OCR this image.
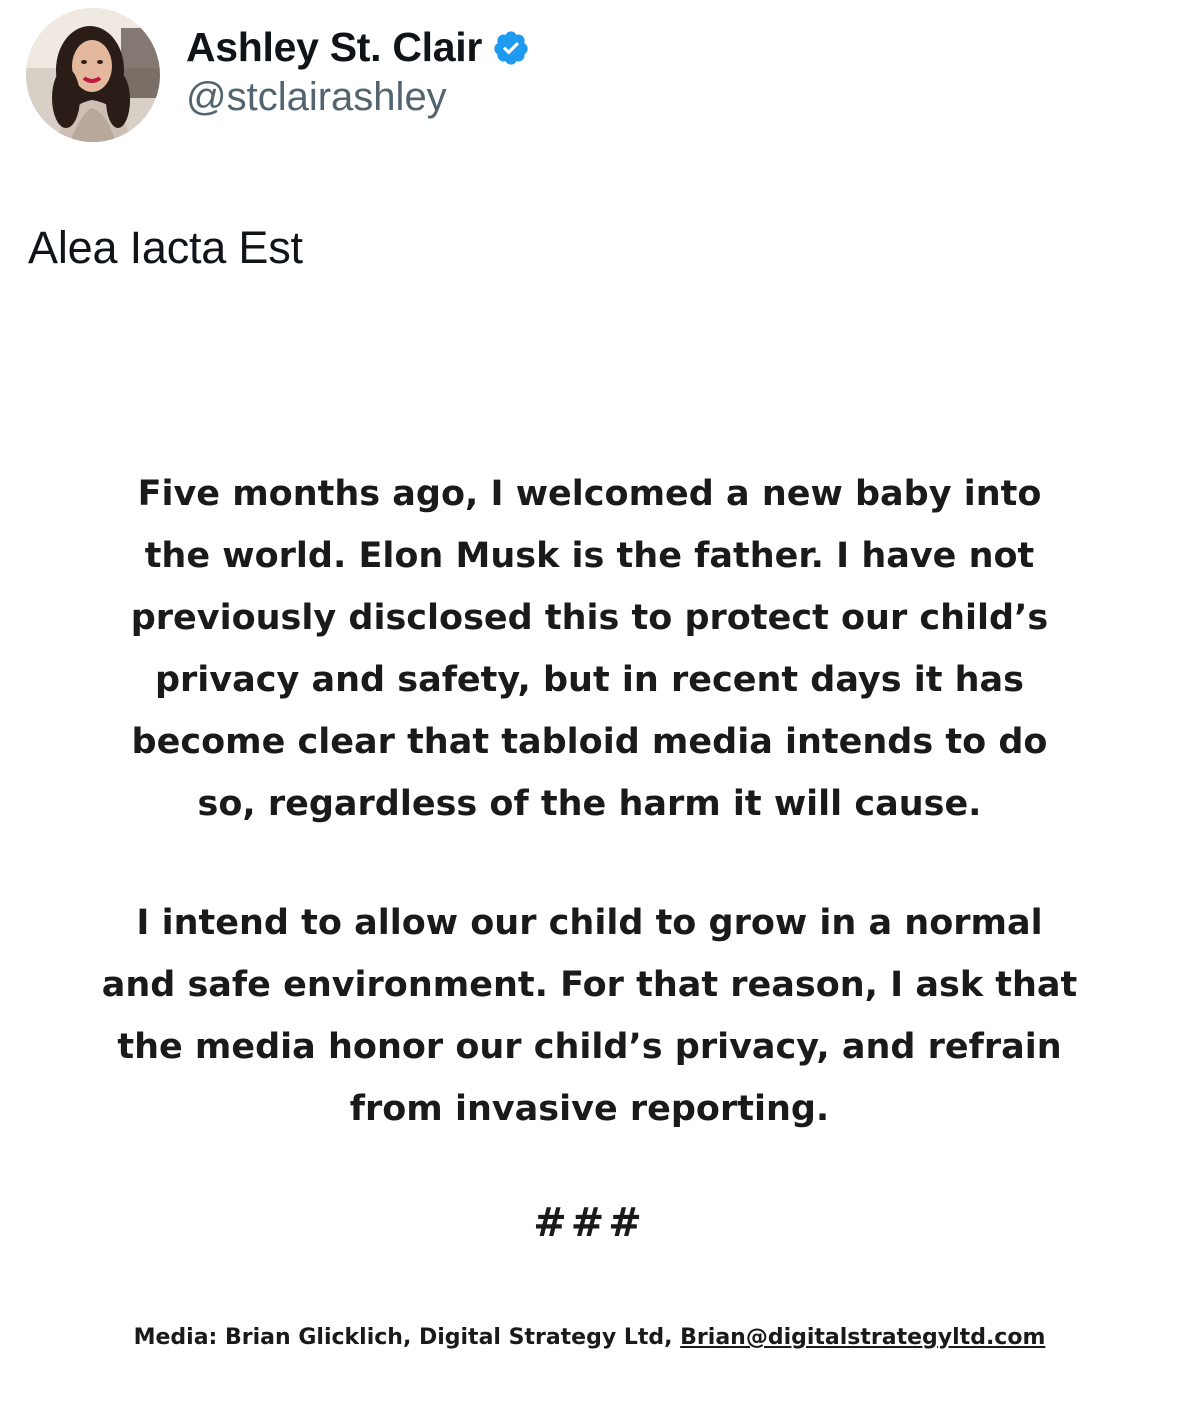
Ashley St. Clair
@stclairashley
Alea Iacta Est
Five months ago, I welcomed a new baby into
the world. Elon Musk is the father. I have not
previously disclosed this to protect our child’s
privacy and safety, but in recent days it has
become clear that tabloid media intends to do
so, regardless of the harm it will cause.
I intend to allow our child to grow in a normal
and safe environment. For that reason, I ask that
the media honor our child’s privacy, and refrain
from invasive reporting.
###
Media: Brian Glicklich, Digital Strategy Ltd, Brian@digitalstrategyltd.com
